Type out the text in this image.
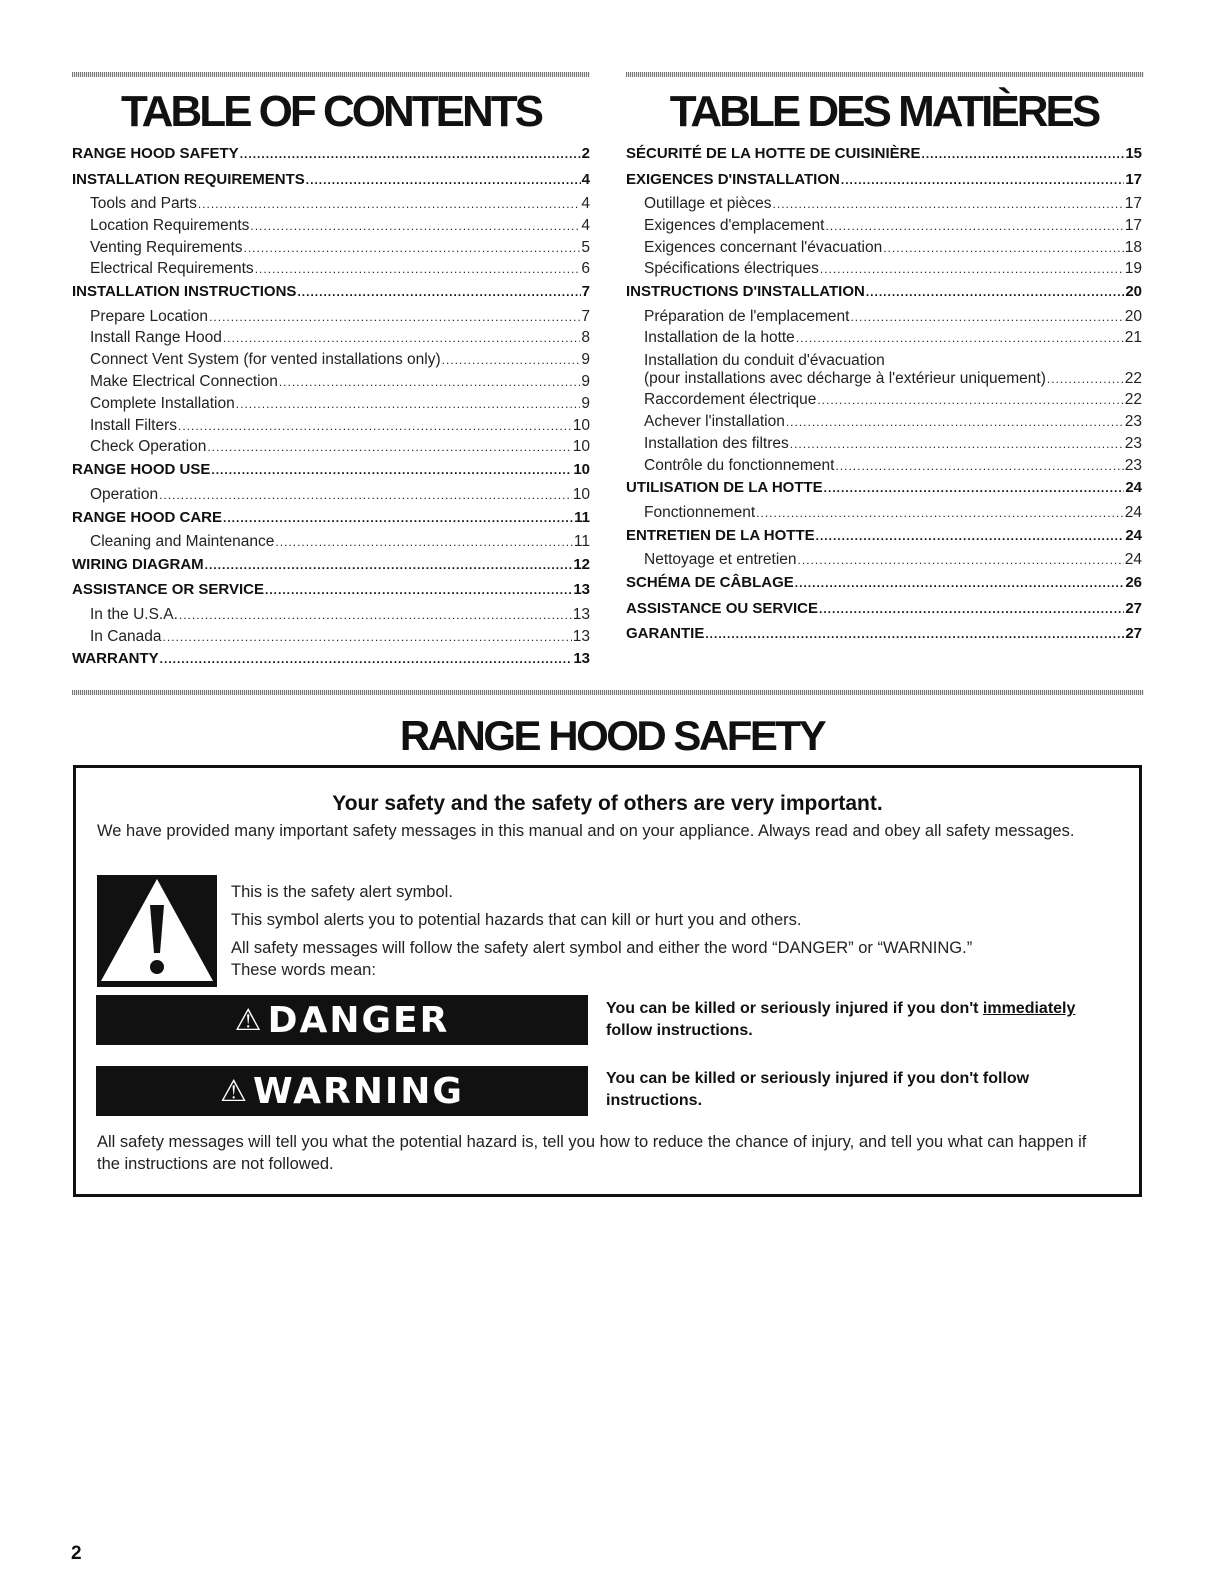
TABLE OF CONTENTS
RANGE HOOD SAFETY .....	2
INSTALLATION REQUIREMENTS .....	4
Tools and Parts .....	4
Location Requirements .....	4
Venting Requirements .....	5
Electrical Requirements .....	6
INSTALLATION INSTRUCTIONS .....	7
Prepare Location .....	7
Install Range Hood .....	8
Connect Vent System (for vented installations only) .....	9
Make Electrical Connection .....	9
Complete Installation .....	9
Install Filters .....	10
Check Operation .....	10
RANGE HOOD USE .....	10
Operation .....	10
RANGE HOOD CARE .....	11
Cleaning and Maintenance .....	11
WIRING DIAGRAM .....	12
ASSISTANCE OR SERVICE .....	13
In the U.S.A. .....	13
In Canada .....	13
WARRANTY .....	13
TABLE DES MATIÈRES
SÉCURITÉ DE LA HOTTE DE CUISINIÈRE .....	15
EXIGENCES D'INSTALLATION .....	17
Outillage et pièces .....	17
Exigences d'emplacement .....	17
Exigences concernant l'évacuation .....	18
Spécifications électriques .....	19
INSTRUCTIONS D'INSTALLATION .....	20
Préparation de l'emplacement .....	20
Installation de la hotte .....	21
Installation du conduit d'évacuation
(pour installations avec décharge à l'extérieur uniquement) .....	22
Raccordement électrique .....	22
Achever l'installation .....	23
Installation des filtres .....	23
Contrôle du fonctionnement .....	23
UTILISATION DE LA HOTTE .....	24
Fonctionnement .....	24
ENTRETIEN DE LA HOTTE .....	24
Nettoyage et entretien .....	24
SCHÉMA DE CÂBLAGE .....	26
ASSISTANCE OU SERVICE .....	27
GARANTIE .....	27
RANGE HOOD SAFETY
Your safety and the safety of others are very important.

We have provided many important safety messages in this manual and on your appliance. Always read and obey all safety messages.

This is the safety alert symbol.

This symbol alerts you to potential hazards that can kill or hurt you and others.

All safety messages will follow the safety alert symbol and either the word “DANGER” or “WARNING.”

These words mean:

⚠ DANGER	You can be killed or seriously injured if you don't immediately follow instructions.

⚠ WARNING	You can be killed or seriously injured if you don't follow instructions.

All safety messages will tell you what the potential hazard is, tell you how to reduce the chance of injury, and tell you what can happen if the instructions are not followed.

2
